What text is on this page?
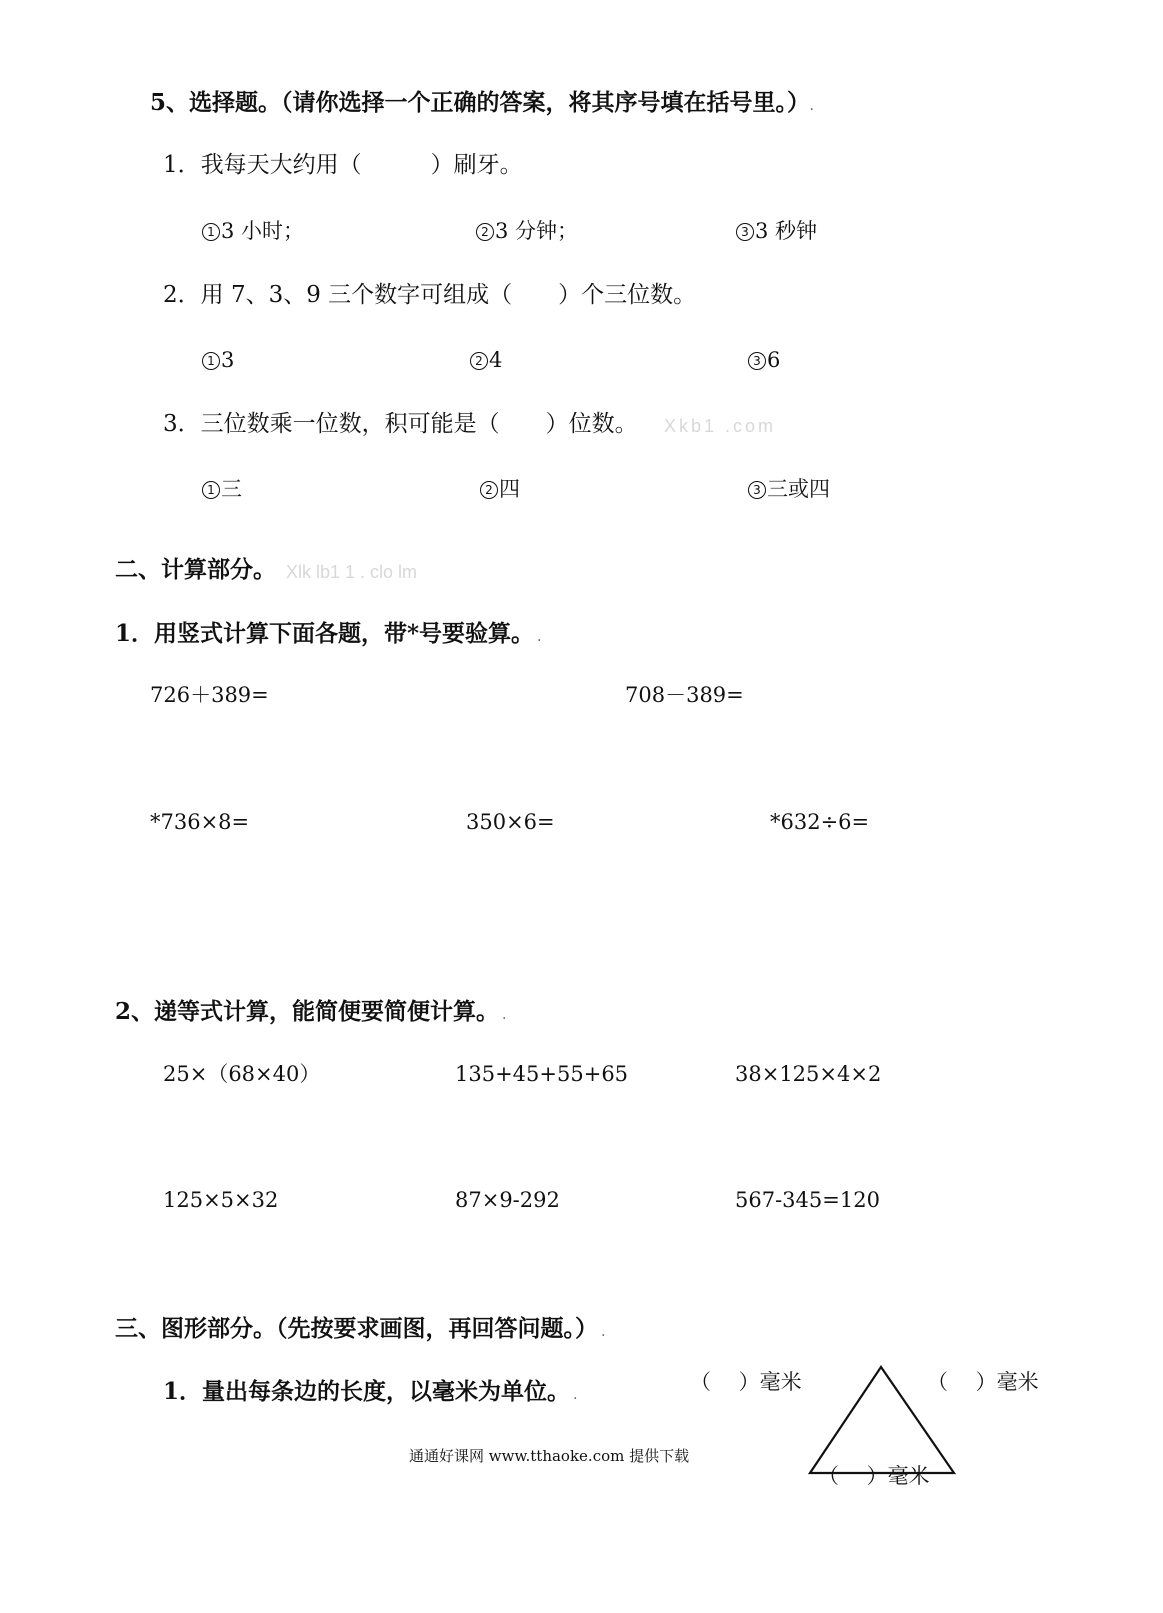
5、选择题。（请你选择一个正确的答案，将其序号填在括号里。）.
1．我每天大约用（　　　）刷牙。
1 3 小时；	2 3 分钟；	3 3 秒钟
2．用 7、3、9 三个数字可组成（　　）个三位数。
1 3	2 4	3 6
3．三位数乘一位数，积可能是（　　）位数。 Xkb1 .com
1 三	2 四	3 三或四
二、计算部分。 Xlk lb1 1 . clo lm
1．用竖式计算下面各题，带*号要验算。 .
726＋389=	708－389=
*736×8=	350×6=	*632÷6=
2、递等式计算，能简便要简便计算。 .
25×（68×40）	135+45+55+65	38×125×4×2
125×5×32	87×9-292	567-345=120
三、图形部分。（先按要求画图，再回答问题。） .
1．量出每条边的长度，以毫米为单位。 .
（　 ）毫米	（　 ）毫米
（　 ）毫米
通通好课网 www.tthaoke.com 提供下载
